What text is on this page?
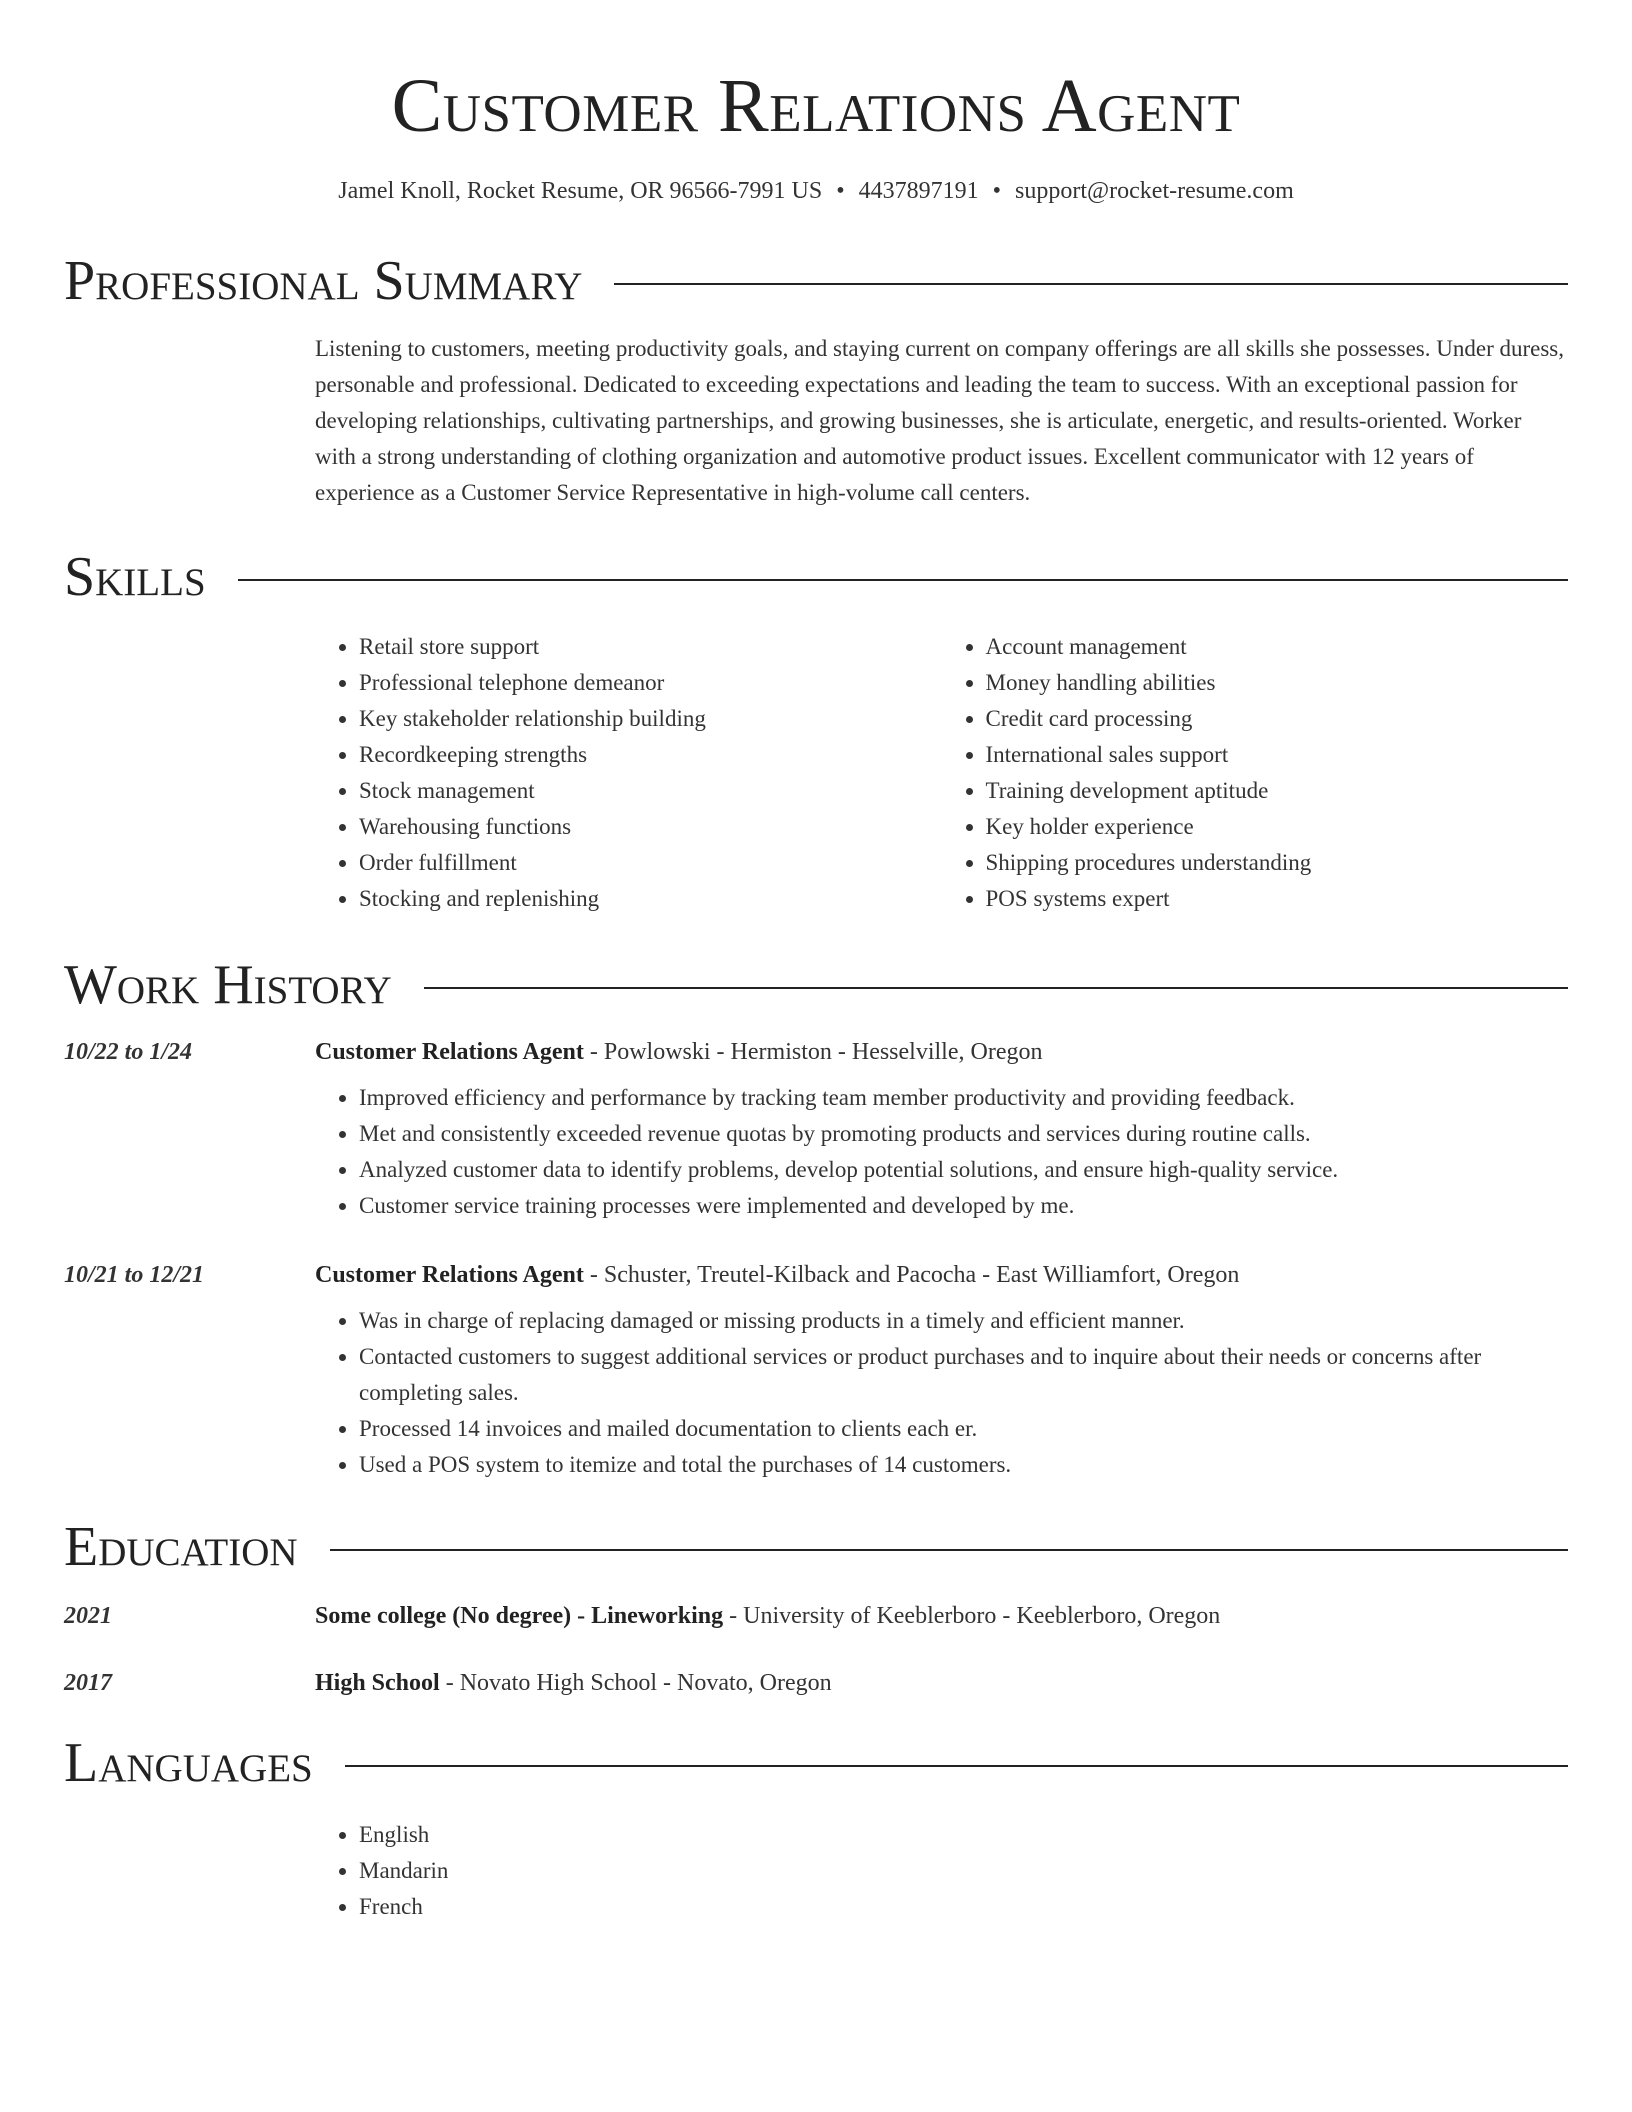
Customer Relations Agent
Jamel Knoll, Rocket Resume, OR 96566-7991 US • 4437897191 • support@rocket-resume.com
Professional Summary
Listening to customers, meeting productivity goals, and staying current on company offerings are all skills she possesses. Under duress, personable and professional. Dedicated to exceeding expectations and leading the team to success. With an exceptional passion for developing relationships, cultivating partnerships, and growing businesses, she is articulate, energetic, and results-oriented. Worker with a strong understanding of clothing organization and automotive product issues. Excellent communicator with 12 years of experience as a Customer Service Representative in high-volume call centers.
Skills
• Retail store support
• Professional telephone demeanor
• Key stakeholder relationship building
• Recordkeeping strengths
• Stock management
• Warehousing functions
• Order fulfillment
• Stocking and replenishing
• Account management
• Money handling abilities
• Credit card processing
• International sales support
• Training development aptitude
• Key holder experience
• Shipping procedures understanding
• POS systems expert
Work History
10/22 to 1/24	Customer Relations Agent - Powlowski - Hermiston - Hesselville, Oregon
• Improved efficiency and performance by tracking team member productivity and providing feedback.
• Met and consistently exceeded revenue quotas by promoting products and services during routine calls.
• Analyzed customer data to identify problems, develop potential solutions, and ensure high-quality service.
• Customer service training processes were implemented and developed by me.
10/21 to 12/21	Customer Relations Agent - Schuster, Treutel-Kilback and Pacocha - East Williamfort, Oregon
• Was in charge of replacing damaged or missing products in a timely and efficient manner.
• Contacted customers to suggest additional services or product purchases and to inquire about their needs or concerns after completing sales.
• Processed 14 invoices and mailed documentation to clients each er.
• Used a POS system to itemize and total the purchases of 14 customers.
Education
2021	Some college (No degree) - Lineworking - University of Keeblerboro - Keeblerboro, Oregon
2017	High School - Novato High School - Novato, Oregon
Languages
• English
• Mandarin
• French
